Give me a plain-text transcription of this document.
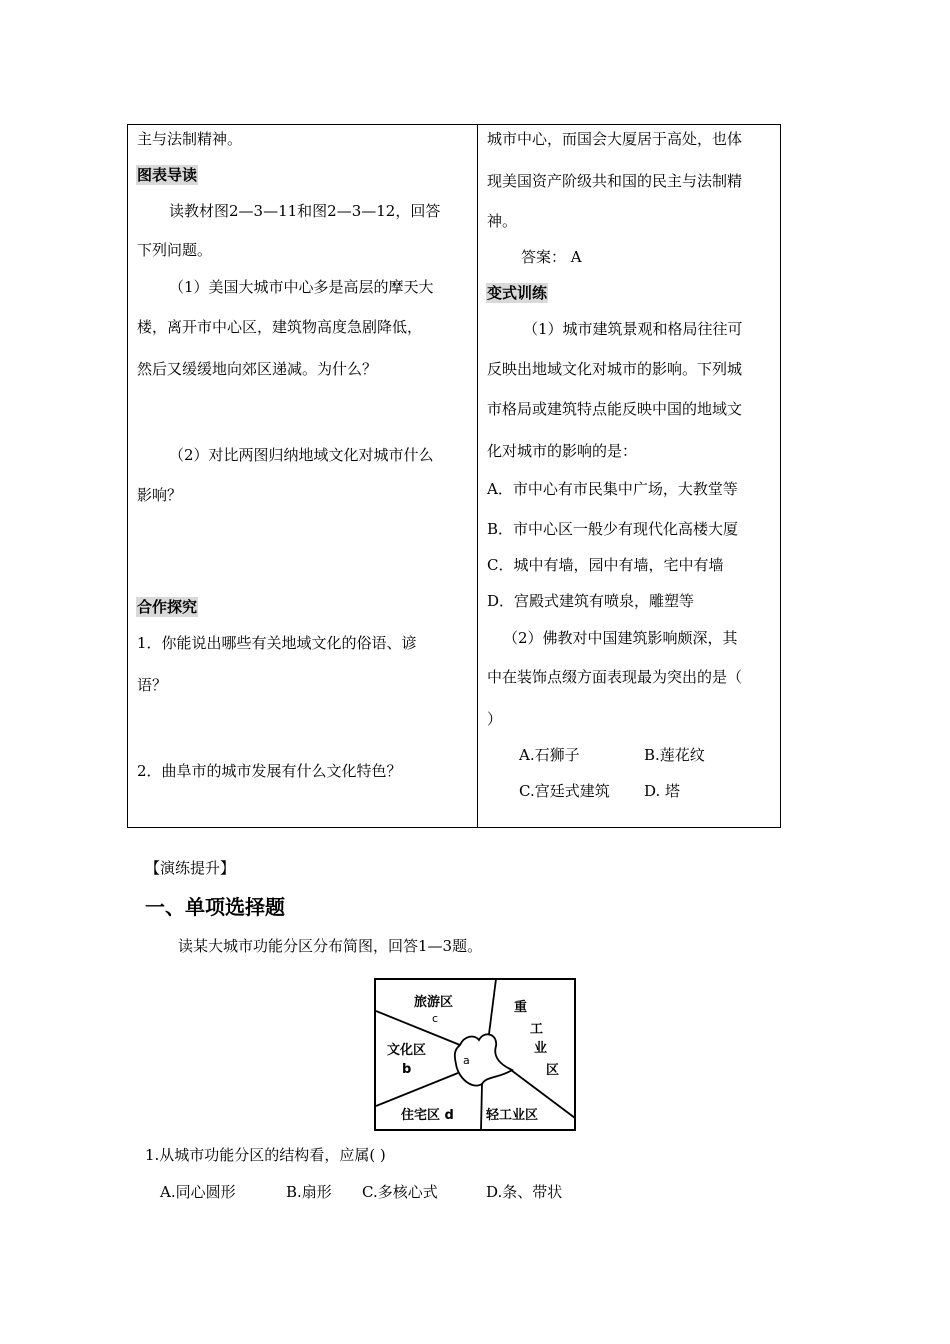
主与法制精神。
图表导读
读教材图2—3—11和图2—3—12，回答
下列问题。
（1）美国大城市中心多是高层的摩天大
楼，离开市中心区，建筑物高度急剧降低，
然后又缓缓地向郊区递减。为什么？
（2）对比两图归纳地域文化对城市什么
影响？
合作探究
1．你能说出哪些有关地域文化的俗语、谚
语？
2．曲阜市的城市发展有什么文化特色？
城市中心，而国会大厦居于高处，也体
现美国资产阶级共和国的民主与法制精
神。
答案： A
变式训练
（1）城市建筑景观和格局往往可
反映出地域文化对城市的影响。下列城
市格局或建筑特点能反映中国的地域文
化对城市的影响的是：
A．市中心有市民集中广场，大教堂等
B．市中心区一般少有现代化高楼大厦
C．城中有墙，园中有墙，宅中有墙
D．宫殿式建筑有喷泉，雕塑等
（2）佛教对中国建筑影响颇深，其
中在装饰点缀方面表现最为突出的是（
）
A.石狮子	B.莲花纹
C.宫廷式建筑 D. 塔
【演练提升】
一、单项选择题
读某大城市功能分区分布简图，回答1—3题。
旅游区
c
重
工
业
区
文化区
b
a
住宅区 d 轻工业区
1.从城市功能分区的结构看，应属( )
A.同心圆形	B.扇形 C.多核心式	D.条、带状
